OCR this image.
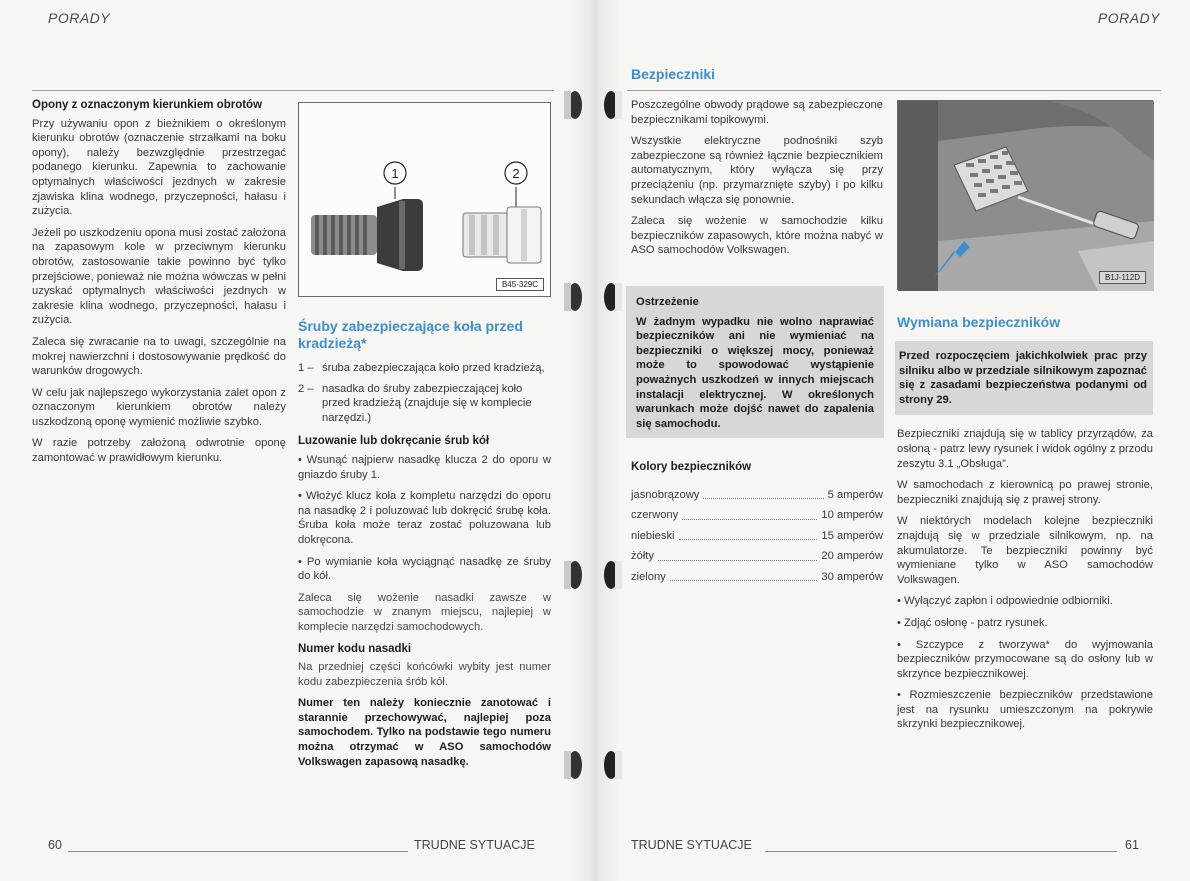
PORADY
Opony z oznaczonym kierunkiem obrotów

Przy używaniu opon z bieżnikiem o określonym kierunku obrotów (oznaczenie strzałkami na boku opony), należy bezwzględnie przestrzegać podanego kierunku. Zapewnia to zachowanie optymalnych właściwości jezdnych w zakresie zjawiska klina wodnego, przyczepności, hałasu i zużycia.

Jeżeli po uszkodzeniu opona musi zostać założona na zapasowym kole w przeciwnym kierunku obrotów, zastosowanie takie powinno być tylko przejściowe, ponieważ nie można wówczas w pełni uzyskać optymalnych właściwości jezdnych w zakresie klina wodnego, przyczepności, hałasu i zużycia.

Zaleca się zwracanie na to uwagi, szczególnie na mokrej nawierzchni i dostosowywanie prędkość do warunków drogowych.

W celu jak najlepszego wykorzystania zalet opon z oznaczonym kierunkiem obrotów należy uszkodzoną oponę wymienić możliwie szybko.

W razie potrzeby założoną odwrotnie oponę zamontować w prawidłowym kierunku.

1	2
B45-329C
Śruby zabezpieczające koła przed kradzieżą*
1 – śruba zabezpieczająca koło przed kradzieżą,
2 – nasadka do śruby zabezpieczającej koło przed kradzieżą (znajduje się w komplecie narzędzi.)
Luzowanie lub dokręcanie śrub kół
• Wsunąć najpierw nasadkę klucza 2 do oporu w gniazdo śruby 1.
• Włożyć klucz koła z kompletu narzędzi do oporu na nasadkę 2 i poluzować lub dokręcić śrubę koła. Śruba koła może teraz zostać poluzowana lub dokręcona.
• Po wymianie koła wyciągnąć nasadkę ze śruby do kół.

Zaleca się wożenie nasadki zawsze w samochodzie w znanym miejscu, najlepiej w komplecie narzędzi samochodowych.

Numer kodu nasadki

Na przedniej części końcówki wybity jest numer kodu zabezpieczenia śrób kół.

Numer ten należy koniecznie zanotować i starannie przechowywać, najlepiej poza samochodem. Tylko na podstawie tego numeru można otrzymać w ASO samochodów Volkswagen zapasową nasadkę.
60	TRUDNE SYTUACJE
PORADY
Bezpieczniki

Poszczególne obwody prądowe są zabezpieczone bezpiecznikami topikowymi.

Wszystkie elektryczne podnośniki szyb zabezpieczone są również łącznie bezpiecznikiem automatycznym, który wyłącza się przy przeciążeniu (np. przymarznięte szyby) i po kilku sekundach włącza się ponownie.

Zaleca się wożenie w samochodzie kilku bezpieczników zapasowych, które można nabyć w ASO samochodów Volkswagen.

Ostrzeżenie
W żadnym wypadku nie wolno naprawiać bezpieczników ani nie wymieniać na bezpieczniki o większej mocy, ponieważ może to spowodować wystąpienie poważnych uszkodzeń w innych miejscach instalacji elektrycznej. W określonych warunkach może dojść nawet do zapalenia się samochodu.
Kolory bezpieczników
jasnobrązowy	5 amperów
czerwony	10 amperów
niebieski	15 amperów
żółty	20 amperów
zielony	30 amperów
B1J-112D
Wymiana bezpieczników
Przed rozpoczęciem jakichkolwiek prac przy silniku albo w przedziale silnikowym zapoznać się z zasadami bezpieczeństwa podanymi od strony 29.

Bezpieczniki znajdują się w tablicy przyrządów, za osłoną - patrz lewy rysunek i widok ogólny z przodu zeszytu 3.1 „Obsługa”.

W samochodach z kierownicą po prawej stronie, bezpieczniki znajdują się z prawej strony.

W niektórych modelach kolejne bezpieczniki znajdują się w przedziale silnikowym, np. na akumulatorze. Te bezpieczniki powinny być wymieniane tylko w ASO samochodów Volkswagen.

• Wyłączyć zapłon i odpowiednie odbiorniki.
• Zdjąć osłonę - patrz rysunek.
• Szczypce z tworzywa* do wyjmowania bezpieczników przymocowane są do osłony lub w skrzynce bezpiecznikowej.
• Rozmieszczenie bezpieczników przedstawione jest na rysunku umieszczonym na pokrywie skrzynki bezpiecznikowej.
TRUDNE SYTUACJE	61
